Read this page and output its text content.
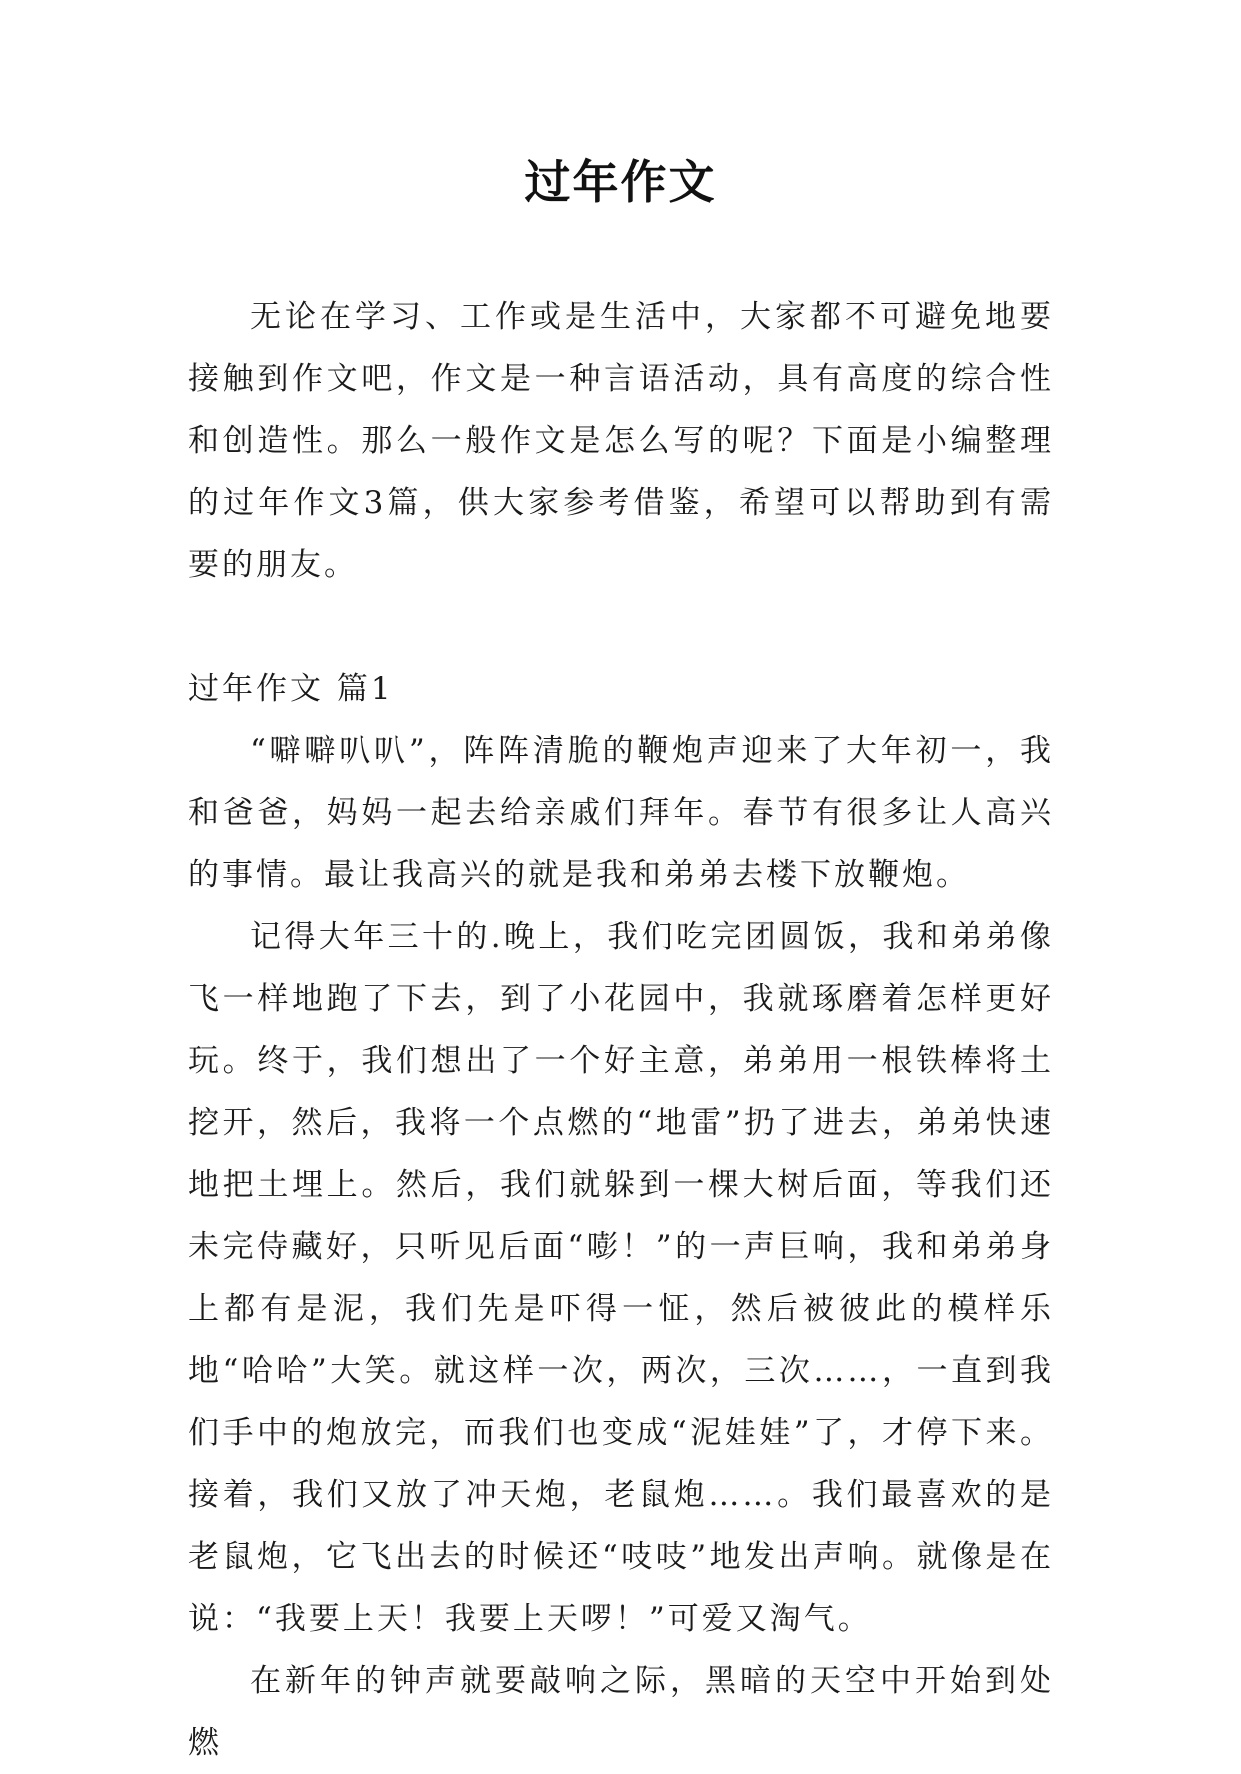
过年作文

无论在学习、工作或是生活中，大家都不可避免地要接触到作文吧，作文是一种言语活动，具有高度的综合性和创造性。那么一般作文是怎么写的呢？下面是小编整理的过年作文3篇，供大家参考借鉴，希望可以帮助到有需要的朋友。

过年作文 篇1

“噼噼叭叭”，阵阵清脆的鞭炮声迎来了大年初一，我和爸爸，妈妈一起去给亲戚们拜年。春节有很多让人高兴的事情。最让我高兴的就是我和弟弟去楼下放鞭炮。

记得大年三十的.晚上，我们吃完团圆饭，我和弟弟像飞一样地跑了下去，到了小花园中，我就琢磨着怎样更好玩。终于，我们想出了一个好主意，弟弟用一根铁棒将土挖开，然后，我将一个点燃的“地雷”扔了进去，弟弟快速地把土埋上。然后，我们就躲到一棵大树后面，等我们还未完侍藏好，只听见后面“嘭！”的一声巨响，我和弟弟身上都有是泥，我们先是吓得一怔，然后被彼此的模样乐地“哈哈”大笑。就这样一次，两次，三次……，一直到我们手中的炮放完，而我们也变成“泥娃娃”了，才停下来。接着，我们又放了冲天炮，老鼠炮……。我们最喜欢的是老鼠炮，它飞出去的时候还“吱吱”地发出声响。就像是在说：“我要上天！我要上天啰！”可爱又淘气。

在新年的钟声就要敲响之际，黑暗的天空中开始到处燃
